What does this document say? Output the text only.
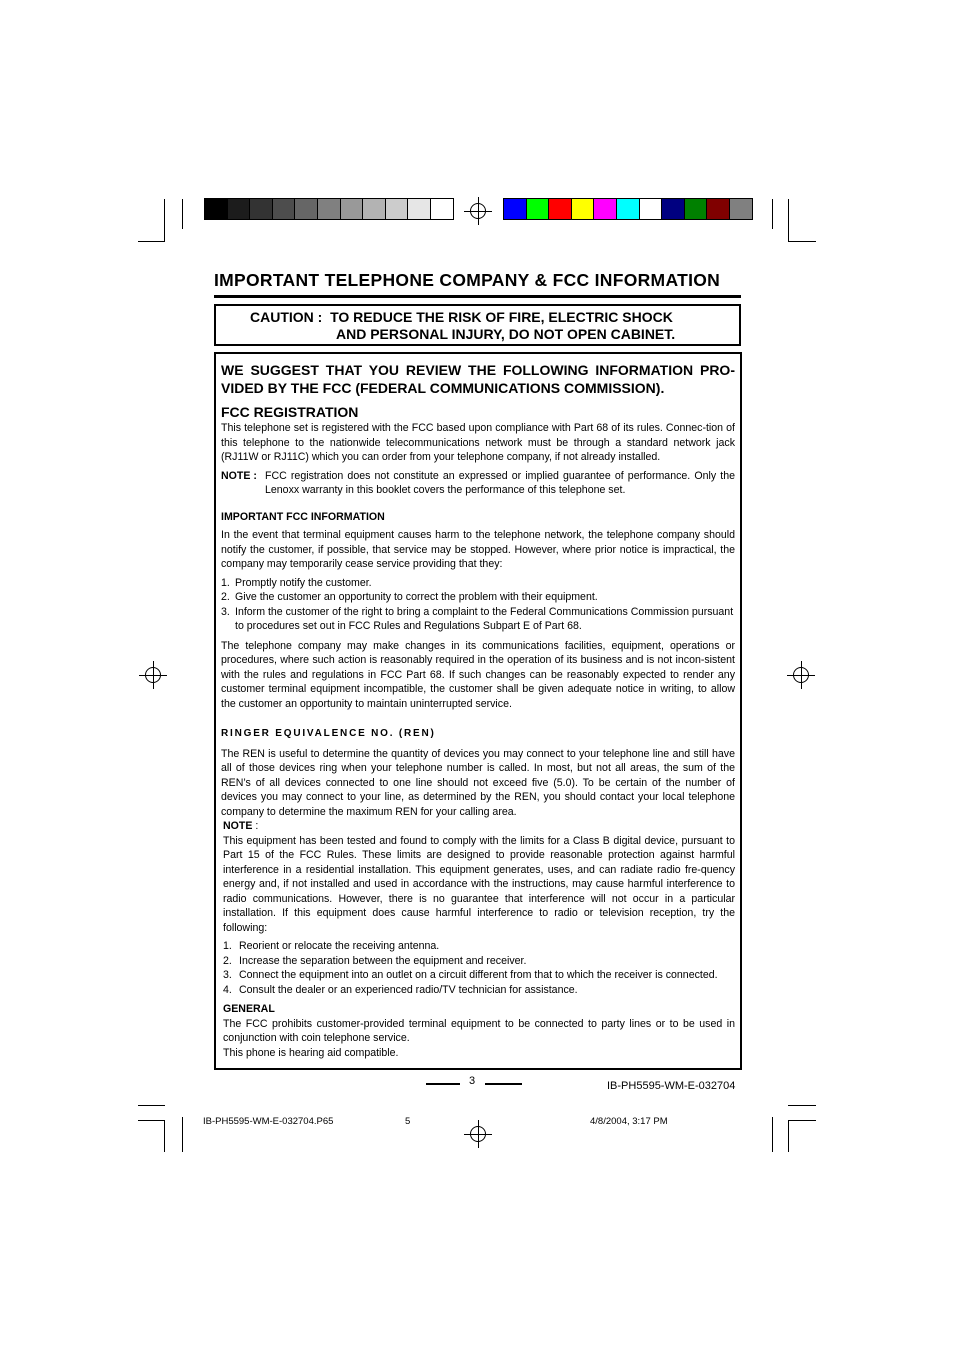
IMPORTANT TELEPHONE COMPANY & FCC INFORMATION
CAUTION :  TO REDUCE THE RISK OF FIRE, ELECTRIC SHOCK
AND PERSONAL INJURY, DO NOT OPEN CABINET.
WE SUGGEST THAT YOU REVIEW THE FOLLOWING INFORMATION PRO-VIDED BY THE FCC (FEDERAL COMMUNICATIONS COMMISSION).
FCC REGISTRATION

This telephone set is registered with the FCC based upon compliance with Part 68 of its rules. Connec-tion of this telephone to the nationwide telecommunications network must be through a standard network jack (RJ11W or RJ11C) which you can order from your telephone company, if not already installed.

NOTE : FCC registration does not constitute an expressed or implied guarantee of performance. Only the Lenoxx warranty in this booklet covers the performance of this telephone set.
IMPORTANT FCC INFORMATION

In the event that terminal equipment causes harm to the telephone network, the telephone company should notify the customer, if possible, that service may be stopped. However, where prior notice is impractical, the company may temporarily cease service providing that they:

1. Promptly notify the customer.
2. Give the customer an opportunity to correct the problem with their equipment.
3. Inform the customer of the right to bring a complaint to the Federal Communications Commission pursuant to procedures set out in FCC Rules and Regulations Subpart E of Part 68.

The telephone company may make changes in its communications facilities, equipment, operations or procedures, where such action is reasonably required in the operation of its business and is not incon-sistent with the rules and regulations in FCC Part 68. If such changes can be reasonably expected to render any customer terminal equipment incompatible, the customer shall be given adequate notice in writing, to allow the customer an opportunity to maintain uninterrupted service.

RINGER EQUIVALENCE NO. (REN)

The REN is useful to determine the quantity of devices you may connect to your telephone line and still have all of those devices ring when your telephone number is called. In most, but not all areas, the sum of the REN’s of all devices connected to one line should not exceed five (5.0). To be certain of the number of devices you may connect to your line, as determined by the REN, you should contact your local telephone company to determine the maximum REN for your calling area.

NOTE :

This equipment has been tested and found to comply with the limits for a Class B digital device, pursuant to Part 15 of the FCC Rules. These limits are designed to provide reasonable protection against harmful interference in a residential installation. This equipment generates, uses, and can radiate radio fre-quency energy and, if not installed and used in accordance with the instructions, may cause harmful interference to radio communications. However, there is no guarantee that interference will not occur in a particular installation. If this equipment does cause harmful interference to radio or television reception, try the following:

1. Reorient or relocate the receiving antenna.
2. Increase the separation between the equipment and receiver.
3. Connect the equipment into an outlet on a circuit different from that to which the receiver is connected.
4. Consult the dealer or an experienced radio/TV technician for assistance.
GENERAL

The FCC prohibits customer-provided terminal equipment to be connected to party lines or to be used in conjunction with coin telephone service.

This phone is hearing aid compatible.

3	IB-PH5595-WM-E-032704
IB-PH5595-WM-E-032704.P65	5	4/8/2004, 3:17 PM
